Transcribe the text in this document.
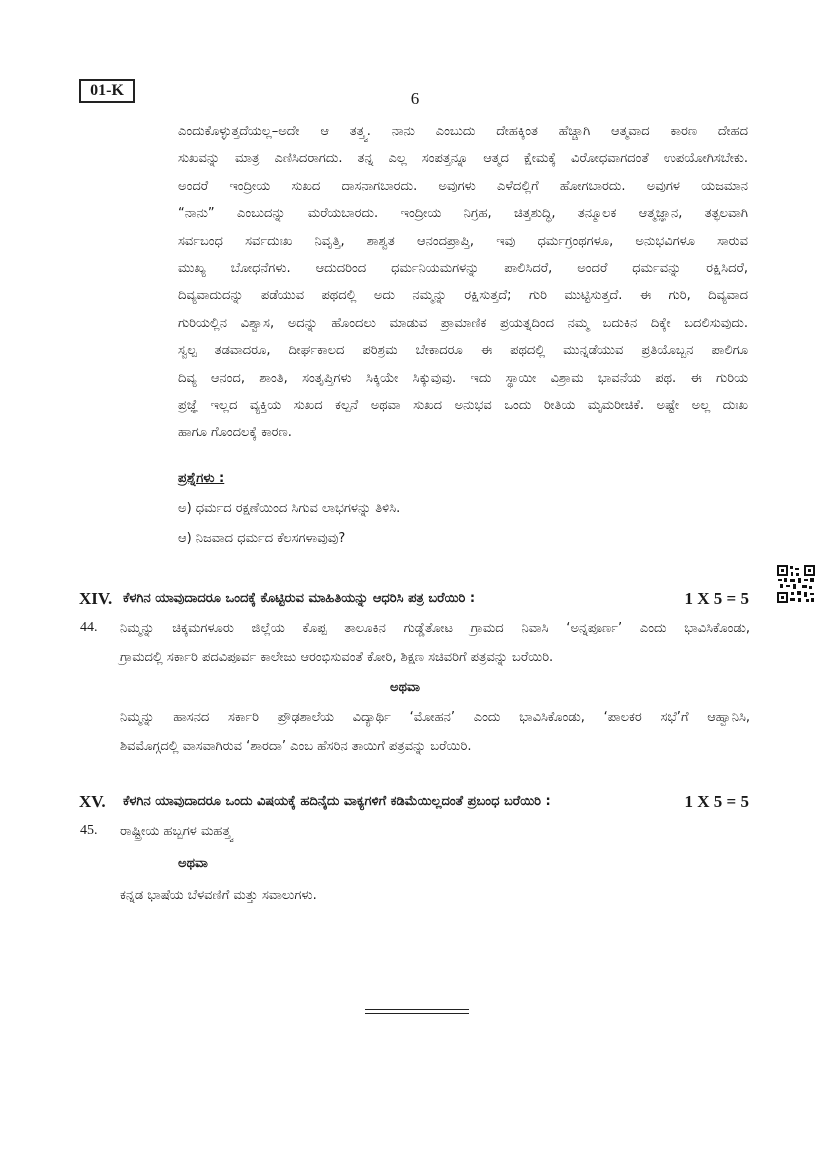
01-K	6
ಎಂದುಕೊಳ್ಳುತ್ತದೆಯಲ್ಲ–ಅದೇ ಆ ತತ್ತ್ವ. ನಾನು ಎಂಬುದು ದೇಹಕ್ಕಿಂತ ಹೆಚ್ಚಾಗಿ ಆತ್ಮವಾದ ಕಾರಣ ದೇಹದ
ಸುಖವನ್ನು ಮಾತ್ರ ಎಣಿಸಿದರಾಗದು. ತನ್ನ ಎಲ್ಲ ಸಂಪತ್ತನ್ನೂ ಆತ್ಮದ ಕ್ಷೇಮಕ್ಕೆ ವಿರೋಧವಾಗದಂತೆ ಉಪಯೋಗಿಸಬೇಕು.
ಅಂದರೆ ಇಂದ್ರೀಯ ಸುಖದ ದಾಸನಾಗಬಾರದು. ಅವುಗಳು ಎಳೆದಲ್ಲಿಗೆ ಹೋಗಬಾರದು. ಅವುಗಳ ಯಜಮಾನ
“ನಾನು” ಎಂಬುದನ್ನು ಮರೆಯಬಾರದು. ಇಂದ್ರೀಯ ನಿಗ್ರಹ, ಚಿತ್ತಶುದ್ಧಿ, ತನ್ಮೂಲಕ ಆತ್ಮಜ್ಞಾನ, ತತ್ಫಲವಾಗಿ
ಸರ್ವಬಂಧ ಸರ್ವದುಃಖ ನಿವೃತ್ತಿ, ಶಾಶ್ವತ ಆನಂದಪ್ರಾಪ್ತಿ, ಇವು ಧರ್ಮಗ್ರಂಥಗಳೂ, ಅನುಭವಿಗಳೂ ಸಾರುವ
ಮುಖ್ಯ ಬೋಧನೆಗಳು. ಆದುದರಿಂದ ಧರ್ಮನಿಯಮಗಳನ್ನು ಪಾಲಿಸಿದರೆ, ಅಂದರೆ ಧರ್ಮವನ್ನು ರಕ್ಷಿಸಿದರೆ,
ದಿವ್ಯವಾದುದನ್ನು ಪಡೆಯುವ ಪಥದಲ್ಲಿ ಅದು ನಮ್ಮನ್ನು ರಕ್ಷಿಸುತ್ತದೆ; ಗುರಿ ಮುಟ್ಟಿಸುತ್ತದೆ. ಈ ಗುರಿ, ದಿವ್ಯವಾದ
ಗುರಿಯಲ್ಲಿನ ವಿಶ್ವಾಸ, ಅದನ್ನು ಹೊಂದಲು ಮಾಡುವ ಪ್ರಾಮಾಣಿಕ ಪ್ರಯತ್ನದಿಂದ ನಮ್ಮ ಬದುಕಿನ ದಿಕ್ಕೇ ಬದಲಿಸುವುದು.
ಸ್ವಲ್ಪ ತಡವಾದರೂ, ದೀರ್ಘಕಾಲದ ಪರಿಶ್ರಮ ಬೇಕಾದರೂ ಈ ಪಥದಲ್ಲಿ ಮುನ್ನಡೆಯುವ ಪ್ರತಿಯೊಬ್ಬನ ಪಾಲಿಗೂ
ದಿವ್ಯ ಆನಂದ, ಶಾಂತಿ, ಸಂತೃಪ್ತಿಗಳು ಸಿಕ್ಕಿಯೇ ಸಿಕ್ಕುವುವು. ಇದು ಸ್ಥಾಯೀ ವಿಶ್ರಾಮ ಭಾವನೆಯ ಪಥ. ಈ ಗುರಿಯ
ಪ್ರಜ್ಞೆ ಇಲ್ಲದ ವ್ಯಕ್ತಿಯ ಸುಖದ ಕಲ್ಪನೆ ಅಥವಾ ಸುಖದ ಅನುಭವ ಒಂದು ರೀತಿಯ ಮೃಮರೀಚಿಕೆ. ಅಷ್ಟೇ ಅಲ್ಲ ದುಃಖ
ಹಾಗೂ ಗೊಂದಲಕ್ಕೆ ಕಾರಣ.
ಪ್ರಶ್ನೆಗಳು :
ಅ) ಧರ್ಮದ ರಕ್ಷಣೆಯಿಂದ ಸಿಗುವ ಲಾಭಗಳನ್ನು ತಿಳಿಸಿ.
ಆ) ನಿಜವಾದ ಧರ್ಮದ ಕೆಲಸಗಳಾವುವು?
XIV. ಕೆಳಗಿನ ಯಾವುದಾದರೂ ಒಂದಕ್ಕೆ ಕೊಟ್ಟಿರುವ ಮಾಹಿತಿಯನ್ನು ಆಧರಿಸಿ ಪತ್ರ ಬರೆಯಿರಿ :	1 X 5 = 5
44. ನಿಮ್ಮನ್ನು ಚಿಕ್ಕಮಗಳೂರು ಜಿಲ್ಲೆಯ ಕೊಪ್ಪ ತಾಲೂಕಿನ ಗುಡ್ಡೆತೋಟ ಗ್ರಾಮದ ನಿವಾಸಿ ‘ಅನ್ನಪೂರ್ಣ’ ಎಂದು ಭಾವಿಸಿಕೊಂಡು,
ಗ್ರಾಮದಲ್ಲಿ ಸರ್ಕಾರಿ ಪದವಿಪೂರ್ವ ಕಾಲೇಜು ಆರಂಭಿಸುವಂತೆ ಕೋರಿ, ಶಿಕ್ಷಣ ಸಚಿವರಿಗೆ ಪತ್ರವನ್ನು ಬರೆಯಿರಿ.
ಅಥವಾ
ನಿಮ್ಮನ್ನು ಹಾಸನದ ಸರ್ಕಾರಿ ಪ್ರೌಢಶಾಲೆಯ ವಿದ್ಯಾರ್ಥಿ ‘ಮೋಹನ’ ಎಂದು ಭಾವಿಸಿಕೊಂಡು, ‘ಪಾಲಕರ ಸಭೆ’ಗೆ ಆಹ್ವಾನಿಸಿ,
ಶಿವಮೊಗ್ಗದಲ್ಲಿ ವಾಸವಾಗಿರುವ ‘ಶಾರದಾ’ ಎಂಬ ಹೆಸರಿನ ತಾಯಿಗೆ ಪತ್ರವನ್ನು ಬರೆಯಿರಿ.
XV. ಕೆಳಗಿನ ಯಾವುದಾದರೂ ಒಂದು ವಿಷಯಕ್ಕೆ ಹದಿನೈದು ವಾಕ್ಯಗಳಿಗೆ ಕಡಿಮೆಯಿಲ್ಲದಂತೆ ಪ್ರಬಂಧ ಬರೆಯಿರಿ :	1 X 5 = 5
45. ರಾಷ್ಟ್ರೀಯ ಹಬ್ಬಗಳ ಮಹತ್ತ್ವ
ಅಥವಾ
ಕನ್ನಡ ಭಾಷೆಯ ಬೆಳವಣಿಗೆ ಮತ್ತು ಸವಾಲುಗಳು.
